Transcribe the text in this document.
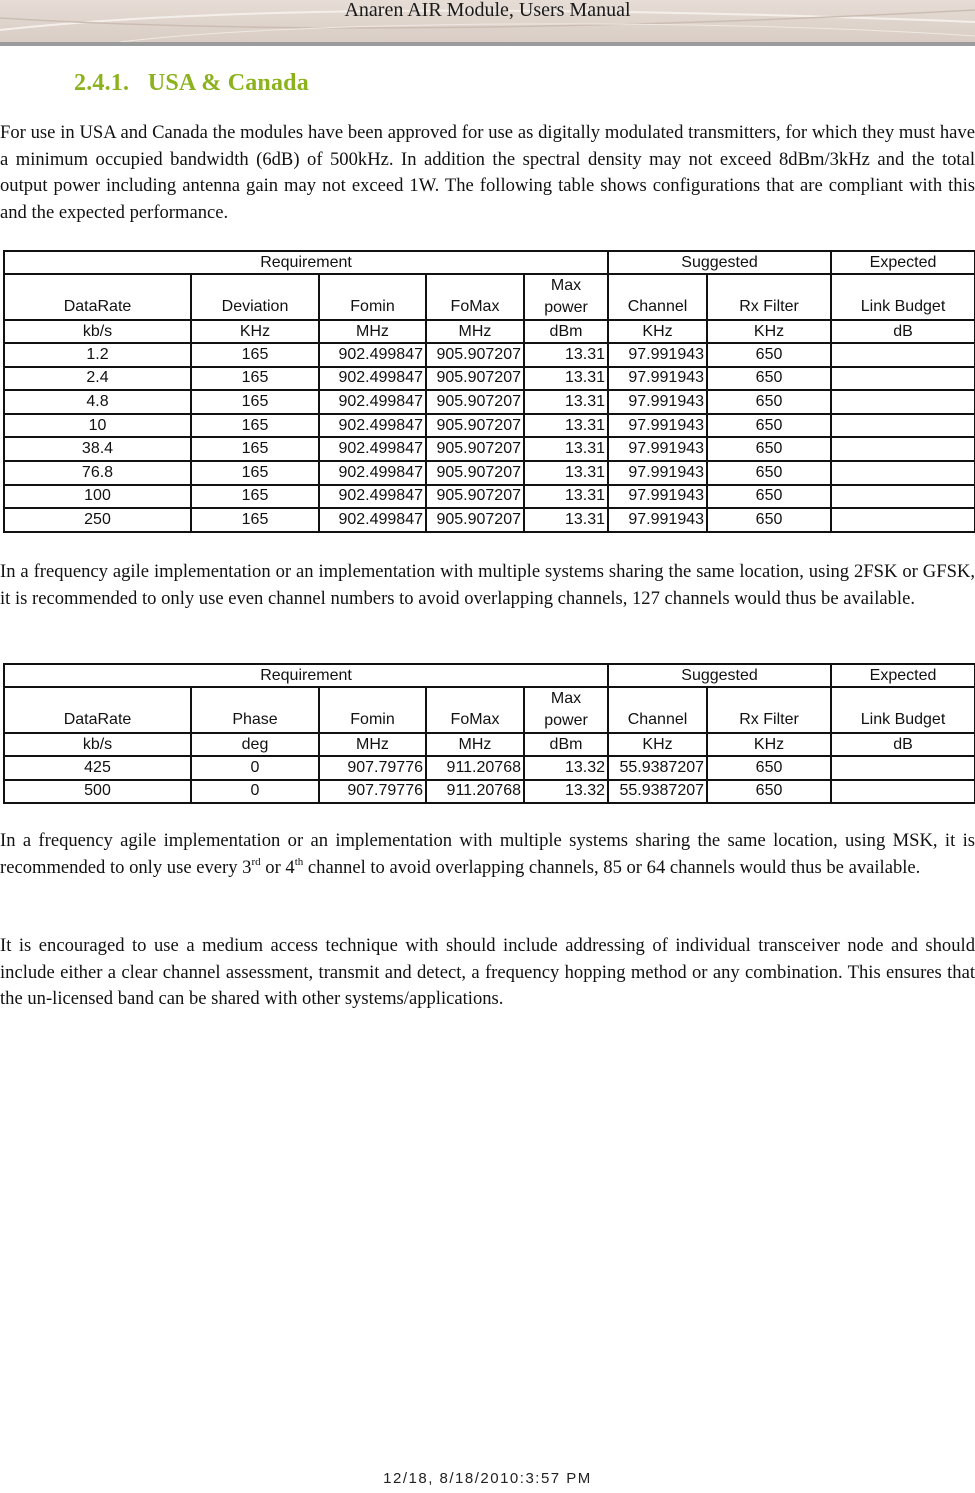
Anaren AIR Module, Users Manual
2.4.1. USA & Canada

For use in USA and Canada the modules have been approved for use as digitally modulated transmitters, for which they must have a minimum occupied bandwidth (6dB) of 500kHz. In addition the spectral density may not exceed 8dBm/3kHz and the total output power including antenna gain may not exceed 1W. The following table shows configurations that are compliant with this and the expected performance.

Requirement					Suggested		Expected
DataRate	Deviation	Fomin	FoMax	Max power	Channel	Rx Filter	Link Budget
kb/s	KHz	MHz	MHz	dBm	KHz	KHz	dB
1.2	165	902.499847	905.907207	13.31	97.991943	650	
2.4	165	902.499847	905.907207	13.31	97.991943	650	
4.8	165	902.499847	905.907207	13.31	97.991943	650	
10	165	902.499847	905.907207	13.31	97.991943	650	
38.4	165	902.499847	905.907207	13.31	97.991943	650	
76.8	165	902.499847	905.907207	13.31	97.991943	650	
100	165	902.499847	905.907207	13.31	97.991943	650	
250	165	902.499847	905.907207	13.31	97.991943	650	

In a frequency agile implementation or an implementation with multiple systems sharing the same location, using 2FSK or GFSK, it is recommended to only use even channel numbers to avoid overlapping channels, 127 channels would thus be available.

Requirement					Suggested		Expected
DataRate	Phase	Fomin	FoMax	Max power	Channel	Rx Filter	Link Budget
kb/s	deg	MHz	MHz	dBm	KHz	KHz	dB
425	0	907.79776	911.20768	13.32	55.9387207	650	
500	0	907.79776	911.20768	13.32	55.9387207	650	

In a frequency agile implementation or an implementation with multiple systems sharing the same location, using MSK, it is recommended to only use every 3rd or 4th channel to avoid overlapping channels, 85 or 64 channels would thus be available.

It is encouraged to use a medium access technique with should include addressing of individual transceiver node and should include either a clear channel assessment, transmit and detect, a frequency hopping method or any combination. This ensures that the un-licensed band can be shared with other systems/applications.

12/18, 8/18/2010:3:57 PM
